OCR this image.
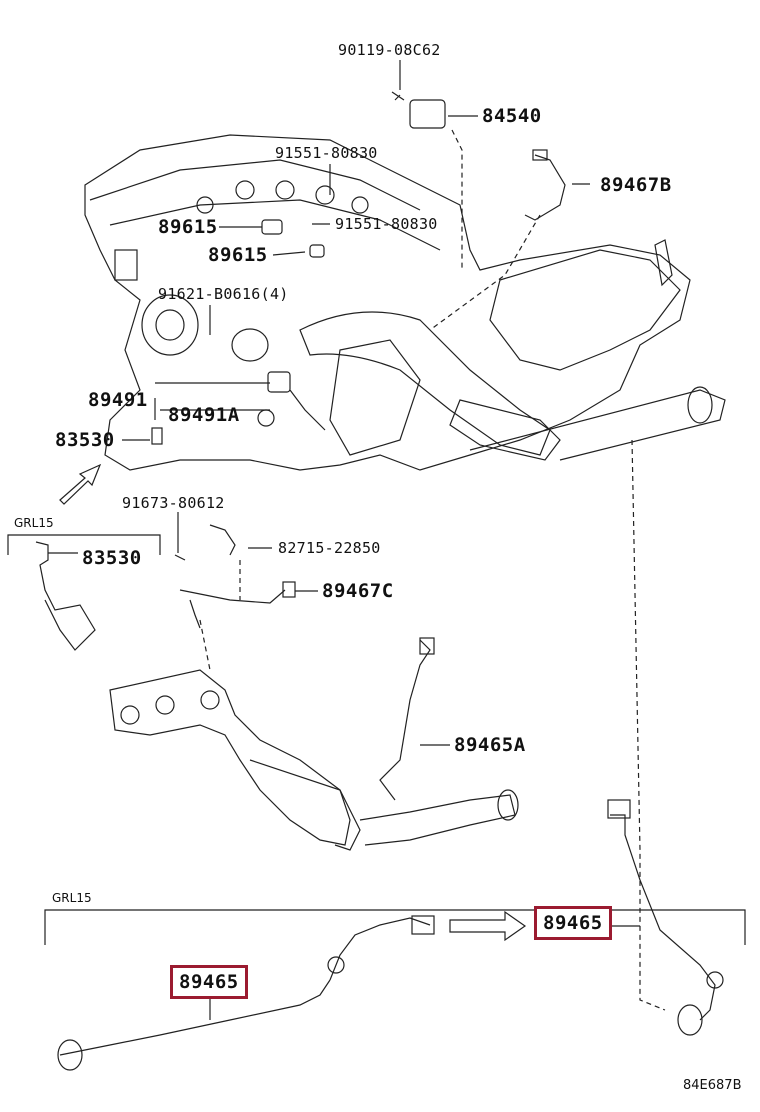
90119-08C62
84540
91551-80830
89467B
89615	91551-80830
89615
91621-B0616(4)
89491
89491A
83530
91673-80612
GRL15
83530	82715-22850
89467C
89465A
GRL15
89465
89465
84E687B
